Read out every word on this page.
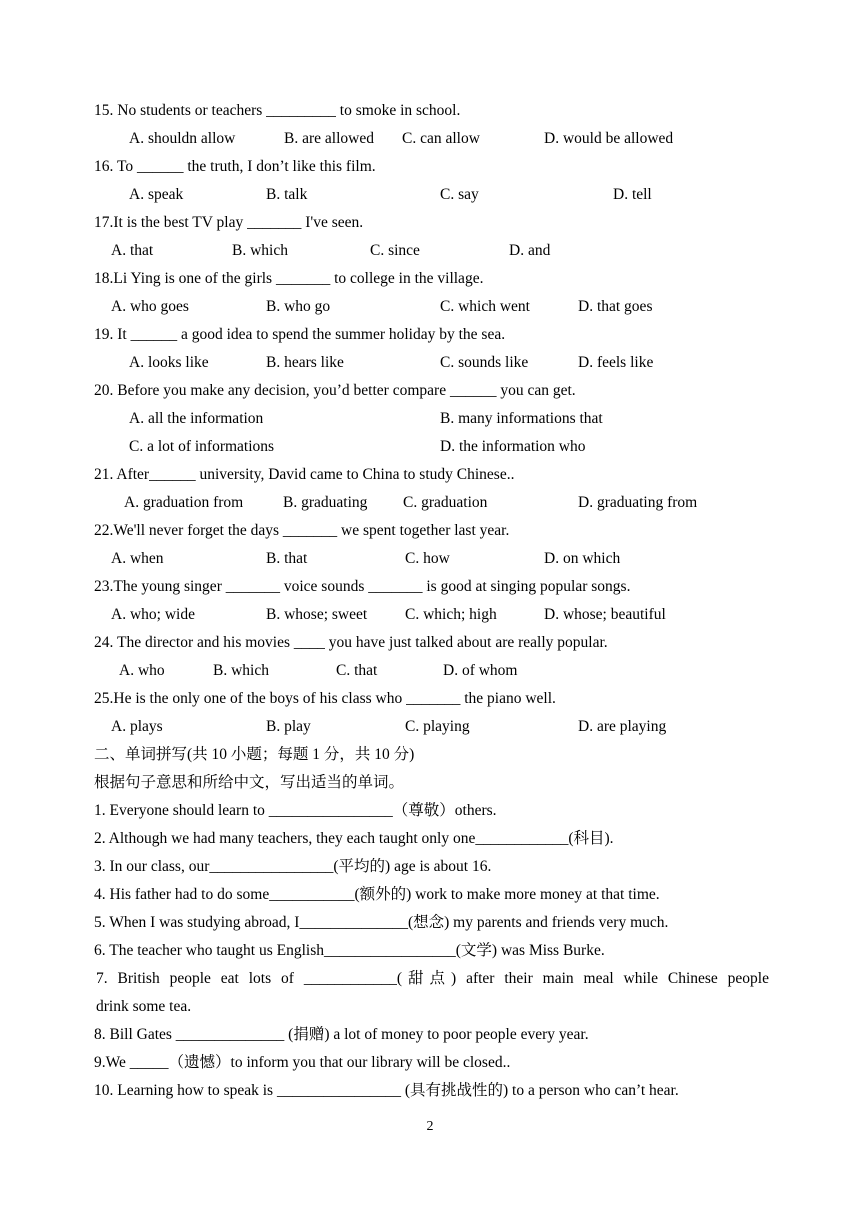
15. No students or teachers _________ to smoke in school.
A. shouldn allow	B. are allowed C. can allow	D. would be allowed
16. To ______ the truth, I don’t like this film.
A. speak	B. talk	C. say	D. tell
17.It is the best TV play _______ I've seen.
A. that	B. which	C. since	D. and
18.Li Ying is one of the girls _______ to college in the village.
A. who goes	B. who go	C. which went	D. that goes
19. It ______ a good idea to spend the summer holiday by the sea.
A. looks like	B. hears like	C. sounds like	D. feels like
20. Before you make any decision, you’d better compare ______ you can get.
A. all the information	B. many informations that
C. a lot of informations	D. the information who
21. After______ university, David came to China to study Chinese..
A. graduation from	B. graduating C. graduation	D. graduating from
22.We'll never forget the days _______ we spent together last year.
A. when	B. that	C. how	D. on which
23.The young singer _______ voice sounds _______ is good at singing popular songs.
A. who; wide	B. whose; sweet C. which; high	D. whose; beautiful
24. The director and his movies ____ you have just talked about are really popular.
A. who	B. which	C. that	D. of whom
25.He is the only one of the boys of his class who _______ the piano well.
A. plays	B. play	C. playing	D. are playing
二、单词拼写(共 10 小题；每题 1 分，共 10 分)
根据句子意思和所给中文，写出适当的单词。
1. Everyone should learn to ________________（尊敬）others.
2. Although we had many teachers, they each taught only one____________(科目).
3. In our class, our________________(平均的) age is about 16.
4. His father had to do some___________(额外的) work to make more money at that time.
5. When I was studying abroad, I______________(想念) my parents and friends very much.
6. The teacher who taught us English_________________(文学) was Miss Burke.
7. British people eat lots of ____________(甜点) after their main meal while Chinese people
drink some tea.
8. Bill Gates ______________ (捐赠) a lot of money to poor people every year.
9.We _____（遗憾）to inform you that our library will be closed..
10. Learning how to speak is ________________ (具有挑战性的) to a person who can’t hear.
2
